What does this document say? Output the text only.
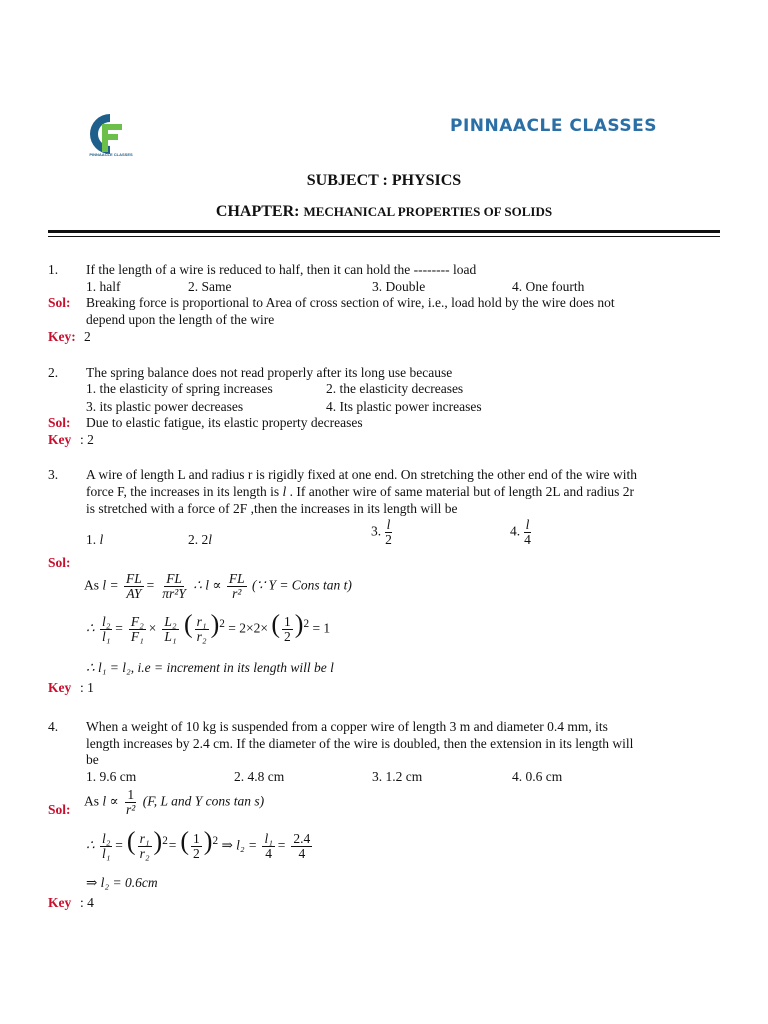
PINNAACLE CLASSES
PINNAACLE CLASSES
SUBJECT : PHYSICS
CHAPTER: MECHANICAL PROPERTIES OF SOLIDS
1. If the length of a wire is reduced to half, then it can hold the -------- load
1. half	2. Same	3. Double	4. One fourth
Sol: Breaking force is proportional to Area of cross section of wire, i.e., load hold by the wire does not
depend upon the length of the wire
Key: 2
2. The spring balance does not read properly after its long use because
1. the elasticity of spring increases	2. the elasticity decreases
3. its plastic power decreases	4. Its plastic power increases
Sol: Due to elastic fatigue, its elastic property decreases
Key : 2
3. A wire of length L and radius r is rigidly fixed at one end. On stretching the other end of the wire with
force F, the increases in its length is l . If another wire of same material but of length 2L and radius 2r
is stretched with a force of 2F ,then the increases in its length will be
1. l	2. 2l
3. $\frac{l}{2}$	4. $\frac{l}{4}$
Sol:
As $l = \frac{FL}{AY} = \frac{FL}{\text{πr²Y}}$ ∴ $l \propto \frac{FL}{\text{r²}}$ (∵ Y = Cons tan t)
∴ $\frac{\text{l₂}}{\text{l₁}} = \frac{\text{F₂}}{\text{F₁}} \times \frac{\text{L₂}}{\text{L₁}}$ ( $\frac{\text{r₁}}{\text{r₂}} )^2 = 2\times 2\times$ ( $\frac{1}{2} )^2 = 1$
∴ l₁ = l₂, i.e = increment in its length will be l
Key : 1
4. When a weight of 10 kg is suspended from a copper wire of length 3 m and diameter 0.4 mm, its
length increases by 2.4 cm. If the diameter of the wire is doubled, then the extension in its length will
be
1. 9.6 cm	2. 4.8 cm	3. 1.2 cm	4. 0.6 cm
Sol:
As $l \propto \frac{1}{\text{r²}} (F$, L and Y cons tan s)
∴ $\frac{\text{l₂}}{\text{l₁}}$ = ( $\frac{\text{r₁}}{\text{r₂}} )^2=$ ( $\frac{1}{2} )^2$ ⇒ $l_2 = \frac{\text{l₁}}{4} = \frac{2.4}{4}$
⇒ l₂ = 0.6cm
Key : 4
